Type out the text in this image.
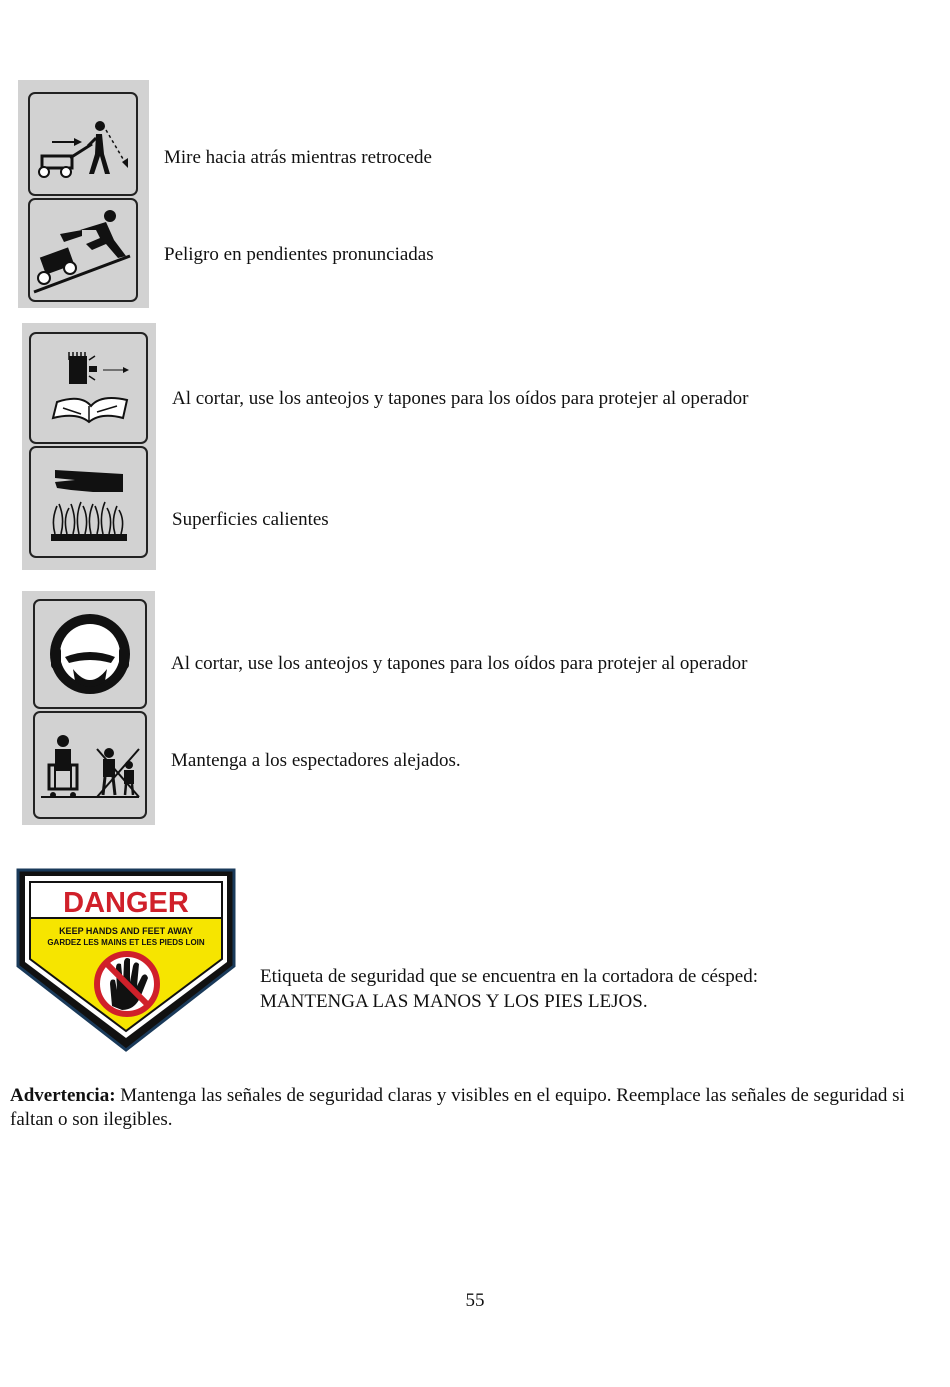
Mire hacia atrás mientras retrocede
Peligro en pendientes pronunciadas
Al cortar, use los anteojos y tapones para los oídos para protejer al operador
Superficies calientes
Al cortar, use los anteojos y tapones para los oídos para protejer al operador
Mantenga a los espectadores alejados.
DANGER
KEEP HANDS AND FEET AWAY
GARDEZ LES MAINS ET LES PIEDS LOIN
Etiqueta de seguridad que se encuentra en la cortadora de césped:
MANTENGA LAS MANOS Y LOS PIES LEJOS.
Advertencia: Mantenga las señales de seguridad claras y visibles en el equipo. Reemplace las señales de seguridad si faltan o son ilegibles.
55
